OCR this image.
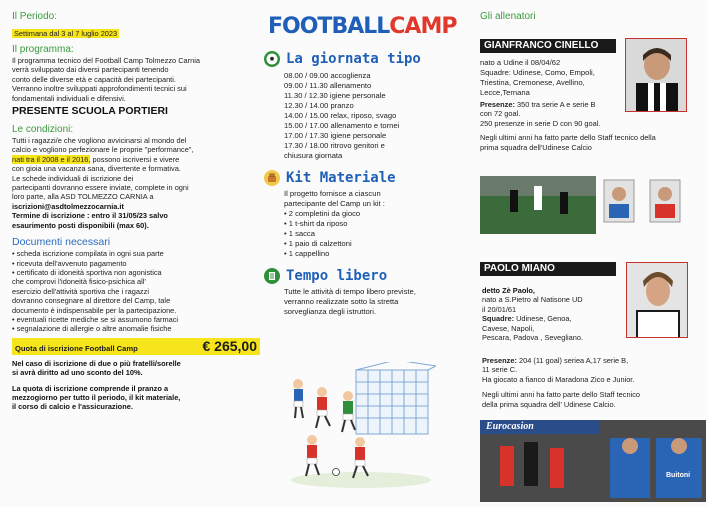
Il Periodo:
Settimana dal 3 al 7 luglio 2023
Il programma:
Il programma tecnico del Football Camp Tolmezzo Carnia
verrà sviluppato dai diversi partecipanti tenendo
conto delle diverse età e capacità dei partecipanti.
Verranno inoltre sviluppati approfondimenti tecnici sui
fondamentali individuali e difensivi.
PRESENTE SCUOLA PORTIERI
Le condizioni:
Tutti i ragazzi/e che vogliono avvicinarsi al mondo del
calcio e vogliono perfezionare le proprie "performance",
nati tra il 2008 e il 2016, possono iscriversi e vivere
con gioia una vacanza sana, divertente e formativa.
Le schede individuali di iscrizione dei
partecipanti dovranno essere inviate, complete in ogni
loro parte, alla ASD TOLMEZZO CARNIA a
iscrizioni@asdtolmezzocarnia.it
Termine di iscrizione : entro il 31/05/23 salvo
esaurimento posti disponibili (max 60).
Documenti necessari
• scheda iscrizione compilata in ogni sua parte
• ricevuta dell'avvenuto pagamento
• certificato di idoneità sportiva non agonistica
che comprovi l'idoneità fisico-psichica all'
esercizio dell'attività sportiva che i ragazzi
dovranno consegnare al direttore del Camp, tale
documento è indispensabile per la partecipazione.
• eventuali ricette mediche se si assumono farmaci
• segnalazione di allergie o altre anomalie fisiche
Quota di iscrizione Football Camp	€ 265,00
Nel caso di iscrizione di due o più fratelli/sorelle
si avrà diritto ad uno sconto del 10%.
La quota di iscrizione comprende il pranzo a
mezzogiorno per tutto il periodo, il kit materiale,
il corso di calcio e l'assicurazione.
FOOTBALLCAMP
La giornata tipo
08.00 / 09.00 accoglienza
09.00 / 11.30 allenamento
11.30 / 12.30 igiene personale
12.30 / 14.00 pranzo
14.00 / 15.00 relax, riposo, svago
15.00 / 17.00 allenamento e tornei
17.00 / 17.30 igiene personale
17.30 / 18.00 ritrovo genitori e
chiusura giornata
Kit Materiale
Il progetto fornisce a ciascun
partecipante del Camp un kit :
• 2 completini da gioco
• 1 t-shirt da riposo
• 1 sacca
• 1 paio di calzettoni
• 1 cappellino
Tempo libero
Tutte le attività di tempo libero previste,
verranno realizzate sotto la stretta
sorveglianza degli istruttori.
Gli allenatori
GIANFRANCO CINELLO
nato a Udine il 08/04/62
Squadre: Udinese, Como, Empoli,
Triestina, Cremonese, Avellino,
Lecce,Ternana
Presenze: 350 tra serie A e serie B
con 72 goal.
250 presenze in serie D con 90 goal.
Negli ultimi anni ha fatto parte dello Staff tecnico della
prima squadra dell'Udinese Calcio
PAOLO MIANO
detto Zè Paolo,
nato a S.Pietro al Natisone UD
il 20/01/61
Squadre: Udinese, Genoa,
Cavese, Napoli,
Pescara, Padova , Sevegliano.
Presenze: 204 (11 goal) seriea A,17 serie B,
11 serie C.
Ha giocato a fianco di Maradona Zico e Junior.
Negli ultimi anni ha fatto parte dello Staff tecnico
della prima squadra dell' Udinese Calcio.
Eurocasion
Buitoni
